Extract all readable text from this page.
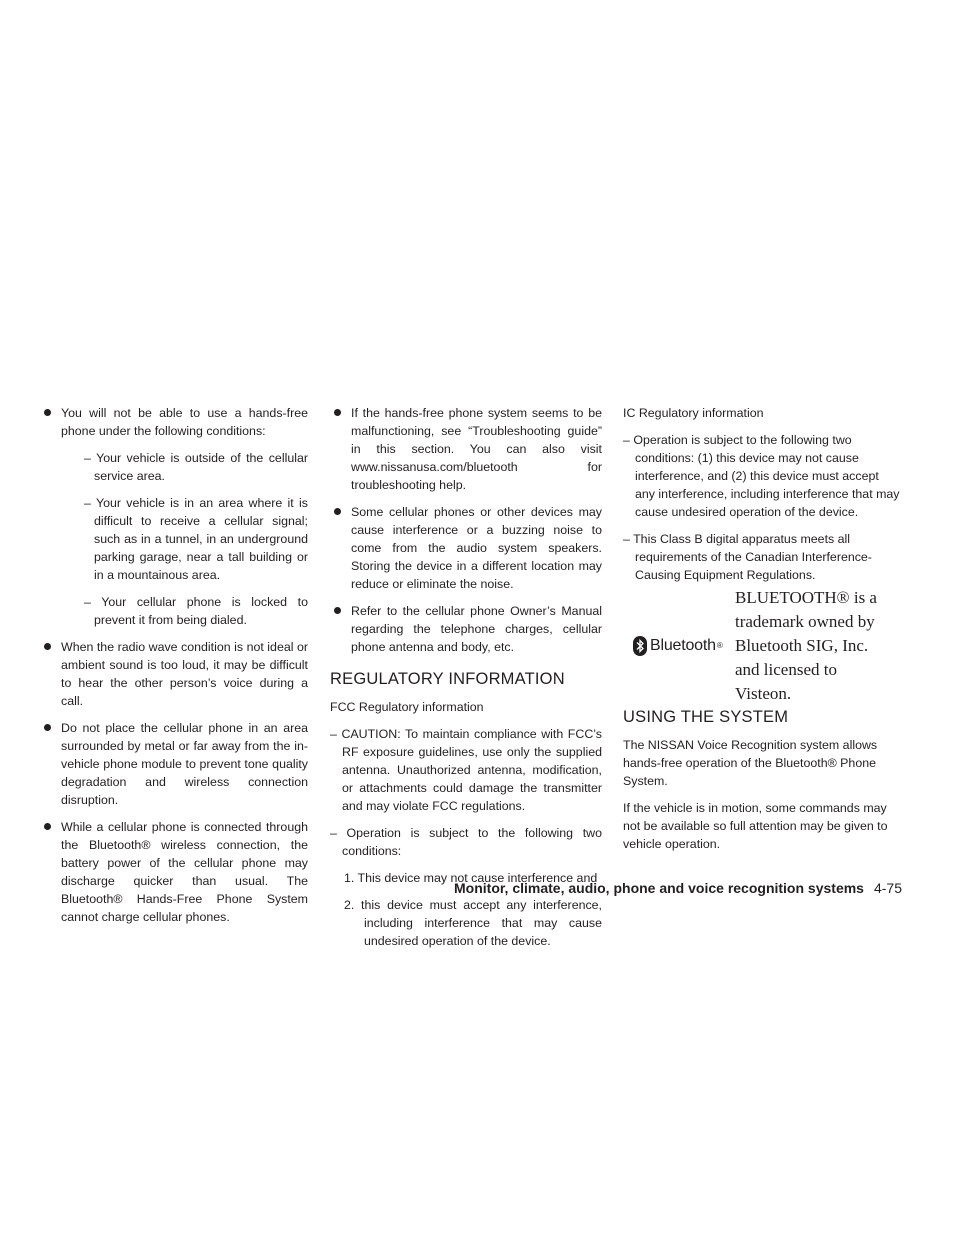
You will not be able to use a hands-free phone under the following conditions:
– Your vehicle is outside of the cellular service area.
– Your vehicle is in an area where it is difficult to receive a cellular signal; such as in a tunnel, in an underground parking garage, near a tall building or in a mountainous area.
– Your cellular phone is locked to prevent it from being dialed.
When the radio wave condition is not ideal or ambient sound is too loud, it may be difficult to hear the other person’s voice during a call.
Do not place the cellular phone in an area surrounded by metal or far away from the in-vehicle phone module to prevent tone quality degradation and wireless connection disruption.
While a cellular phone is connected through the Bluetooth® wireless connection, the battery power of the cellular phone may discharge quicker than usual. The Bluetooth® Hands-Free Phone System cannot charge cellular phones.
If the hands-free phone system seems to be malfunctioning, see “Troubleshooting guide” in this section. You can also visit www.nissanusa.com/bluetooth for troubleshooting help.
Some cellular phones or other devices may cause interference or a buzzing noise to come from the audio system speakers. Storing the device in a different location may reduce or eliminate the noise.
Refer to the cellular phone Owner’s Manual regarding the telephone charges, cellular phone antenna and body, etc.
REGULATORY INFORMATION
FCC Regulatory information
– CAUTION: To maintain compliance with FCC’s RF exposure guidelines, use only the supplied antenna. Unauthorized antenna, modification, or attachments could damage the transmitter and may violate FCC regulations.
– Operation is subject to the following two conditions:
1. This device may not cause interference and
2. this device must accept any interference, including interference that may cause undesired operation of the device.
IC Regulatory information
– Operation is subject to the following two conditions: (1) this device may not cause interference, and (2) this device must accept any interference, including interference that may cause undesired operation of the device.
– This Class B digital apparatus meets all requirements of the Canadian Interference-Causing Equipment Regulations.
Bluetooth ®
BLUETOOTH® is a trademark owned by Bluetooth SIG, Inc. and licensed to Visteon.
USING THE SYSTEM
The NISSAN Voice Recognition system allows hands-free operation of the Bluetooth® Phone System.
If the vehicle is in motion, some commands may not be available so full attention may be given to vehicle operation.
Monitor, climate, audio, phone and voice recognition systems 4-75
